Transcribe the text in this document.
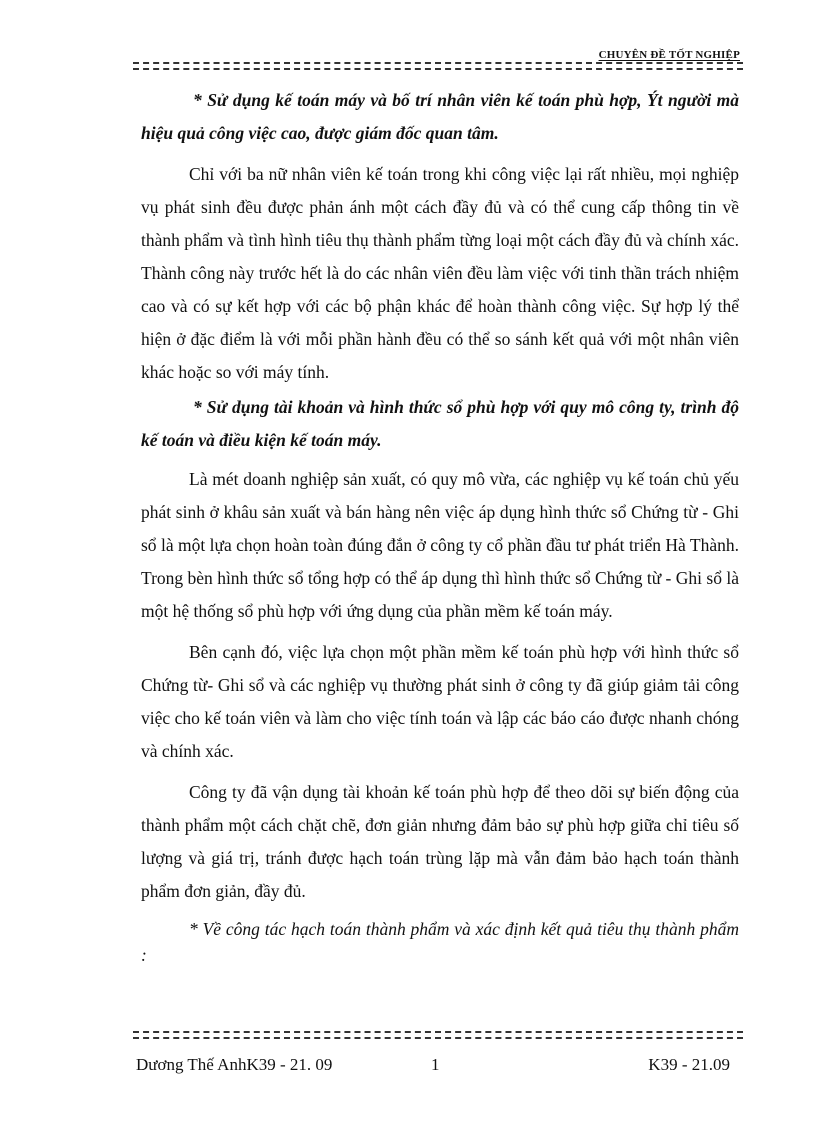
CHUYÊN ĐỀ TỐT NGHIỆP

* Sử dụng kế toán máy và bố trí nhân viên kế toán phù hợp, Ýt người mà hiệu quả công việc cao, được giám đốc quan tâm.

Chỉ với ba nữ nhân viên kế toán trong khi công việc lại rất nhiều, mọi nghiệp vụ phát sinh đều được phản ánh một cách đầy đủ và có thể cung cấp thông tin về thành phẩm và tình hình tiêu thụ thành phẩm từng loại một cách đầy đủ và chính xác. Thành công này trước hết là do các nhân viên đều làm việc với tinh thần trách nhiệm cao và có sự kết hợp với các bộ phận khác để hoàn thành công việc. Sự hợp lý thể hiện ở đặc điểm là với mỗi phần hành đều có thể so sánh kết quả với một nhân viên khác hoặc so với máy tính.

* Sử dụng tài khoản và hình thức sổ phù hợp với quy mô công ty, trình độ kế toán và điều kiện kế toán máy.

Là mét doanh nghiệp sản xuất, có quy mô vừa, các nghiệp vụ kế toán chủ yếu phát sinh ở khâu sản xuất và bán hàng nên việc áp dụng hình thức sổ Chứng từ - Ghi sổ là một lựa chọn hoàn toàn đúng đắn ở công ty cổ phần đầu tư phát triển Hà Thành. Trong bèn hình thức sổ tổng hợp có thể áp dụng thì hình thức sổ Chứng từ - Ghi sổ là một hệ thống sổ phù hợp với ứng dụng của phần mềm kế toán máy.

Bên cạnh đó, việc lựa chọn một phần mềm kế toán phù hợp với hình thức sổ Chứng từ- Ghi sổ và các nghiệp vụ thường phát sinh ở công ty đã giúp giảm tải công việc cho kế toán viên và làm cho việc tính toán và lập các báo cáo được nhanh chóng và chính xác.

Công ty đã vận dụng tài khoản kế toán phù hợp để theo dõi sự biến động của thành phẩm một cách chặt chẽ, đơn giản nhưng đảm bảo sự phù hợp giữa chỉ tiêu số lượng và giá trị, tránh được hạch toán trùng lặp mà vẫn đảm bảo hạch toán thành phẩm đơn giản, đầy đủ.

* Về công tác hạch toán thành phẩm và xác định kết quả tiêu thụ thành phẩm :

Dương Thế AnhK39 - 21. 09	1	K39 - 21.09
